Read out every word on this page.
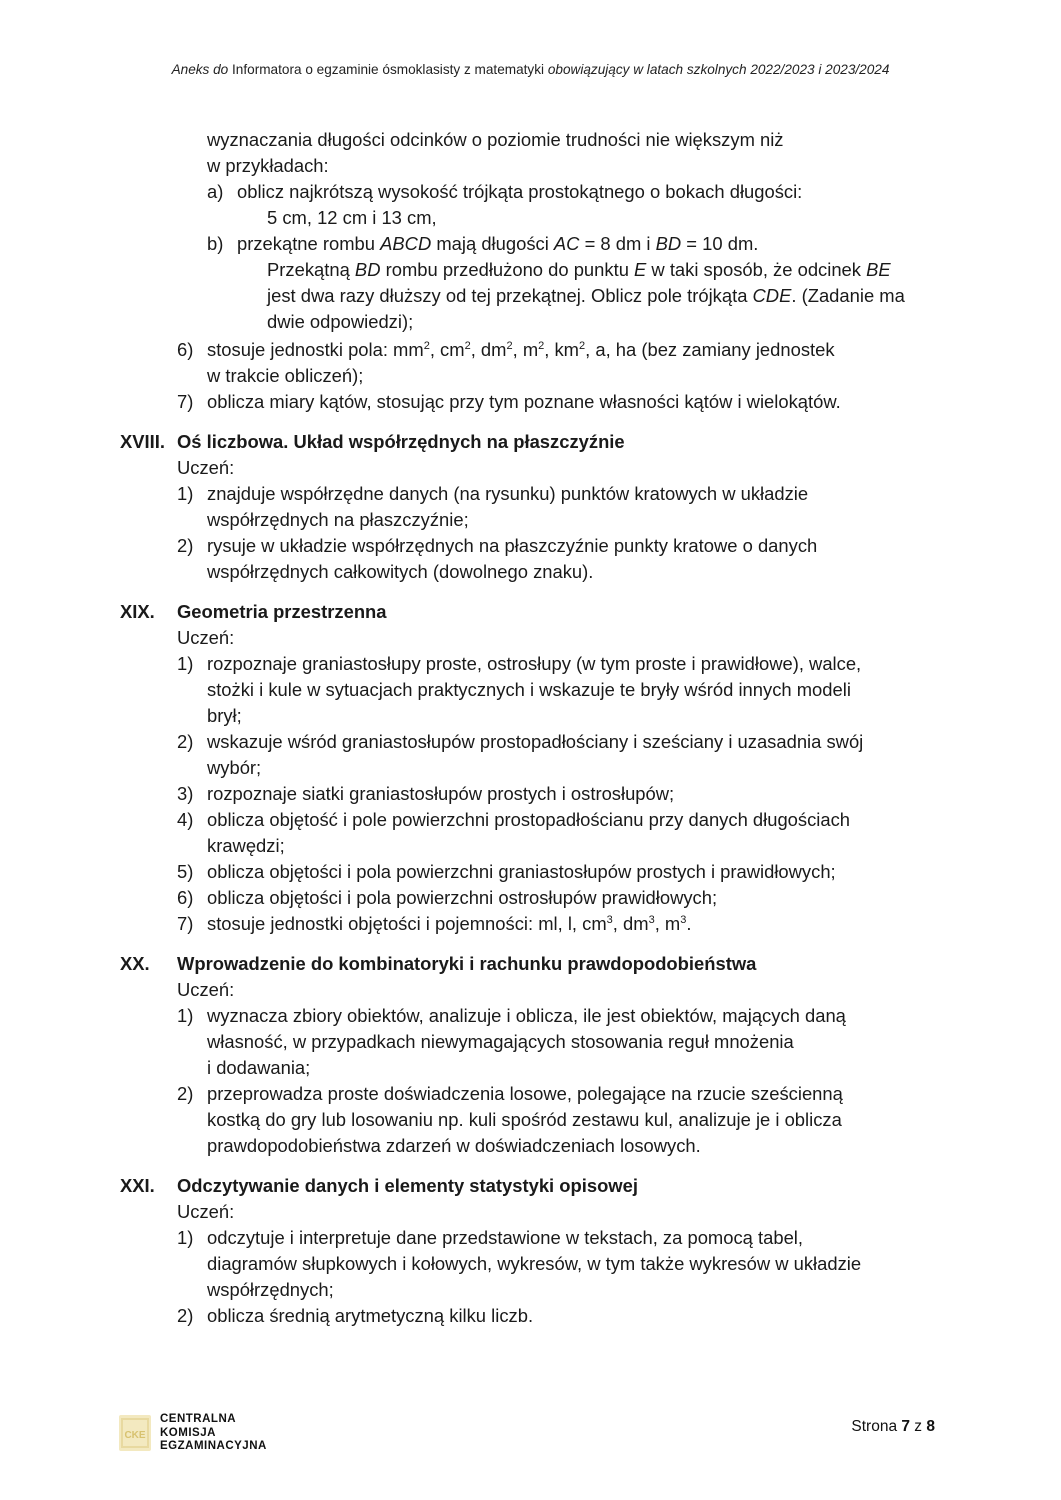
Aneks do Informatora o egzaminie ósmoklasisty z matematyki obowiązujący w latach szkolnych 2022/2023 i 2023/2024
wyznaczania długości odcinków o poziomie trudności nie większym niż
w przykładach:
a) oblicz najkrótszą wysokość trójkąta prostokątnego o bokach długości:
5 cm, 12 cm i 13 cm,
b) przekątne rombu ABCD mają długości AC = 8 dm i BD = 10 dm.
Przekątną BD rombu przedłużono do punktu E w taki sposób, że odcinek BE
jest dwa razy dłuższy od tej przekątnej. Oblicz pole trójkąta CDE. (Zadanie ma
dwie odpowiedzi);
6) stosuje jednostki pola: $mm^2$, $cm^2$, $dm^2$, $m^2$, $km^2$, a, ha (bez zamiany jednostek
w trakcie obliczeń);
7) oblicza miary kątów, stosując przy tym poznane własności kątów i wielokątów.
XVIII. Oś liczbowa. Układ współrzędnych na płaszczyźnie
Uczeń:
1) znajduje współrzędne danych (na rysunku) punktów kratowych w układzie
współrzędnych na płaszczyźnie;
2) rysuje w układzie współrzędnych na płaszczyźnie punkty kratowe o danych
współrzędnych całkowitych (dowolnego znaku).
XIX.	Geometria przestrzenna
Uczeń:
1) rozpoznaje graniastosłupy proste, ostrosłupy (w tym proste i prawidłowe), walce,
stożki i kule w sytuacjach praktycznych i wskazuje te bryły wśród innych modeli
brył;
2) wskazuje wśród graniastosłupów prostopadłościany i sześciany i uzasadnia swój
wybór;
3) rozpoznaje siatki graniastosłupów prostych i ostrosłupów;
4) oblicza objętość i pole powierzchni prostopadłościanu przy danych długościach
krawędzi;
5) oblicza objętości i pola powierzchni graniastosłupów prostych i prawidłowych;
6) oblicza objętości i pola powierzchni ostrosłupów prawidłowych;
7) stosuje jednostki objętości i pojemności: ml, l, $cm^3$, $dm^3$, $m^3$.
XX.	Wprowadzenie do kombinatoryki i rachunku prawdopodobieństwa
Uczeń:
1) wyznacza zbiory obiektów, analizuje i oblicza, ile jest obiektów, mających daną
własność, w przypadkach niewymagających stosowania reguł mnożenia
i dodawania;
2) przeprowadza proste doświadczenia losowe, polegające na rzucie sześcienną
kostką do gry lub losowaniu np. kuli spośród zestawu kul, analizuje je i oblicza
prawdopodobieństwa zdarzeń w doświadczeniach losowych.
XXI.	Odczytywanie danych i elementy statystyki opisowej
Uczeń:
1) odczytuje i interpretuje dane przedstawione w tekstach, za pomocą tabel,
diagramów słupkowych i kołowych, wykresów, w tym także wykresów w układzie
współrzędnych;
2) oblicza średnią arytmetyczną kilku liczb.
CKE
CENTRALNA
KOMISJA
EGZAMINACYJNA
Strona 7 z 8
